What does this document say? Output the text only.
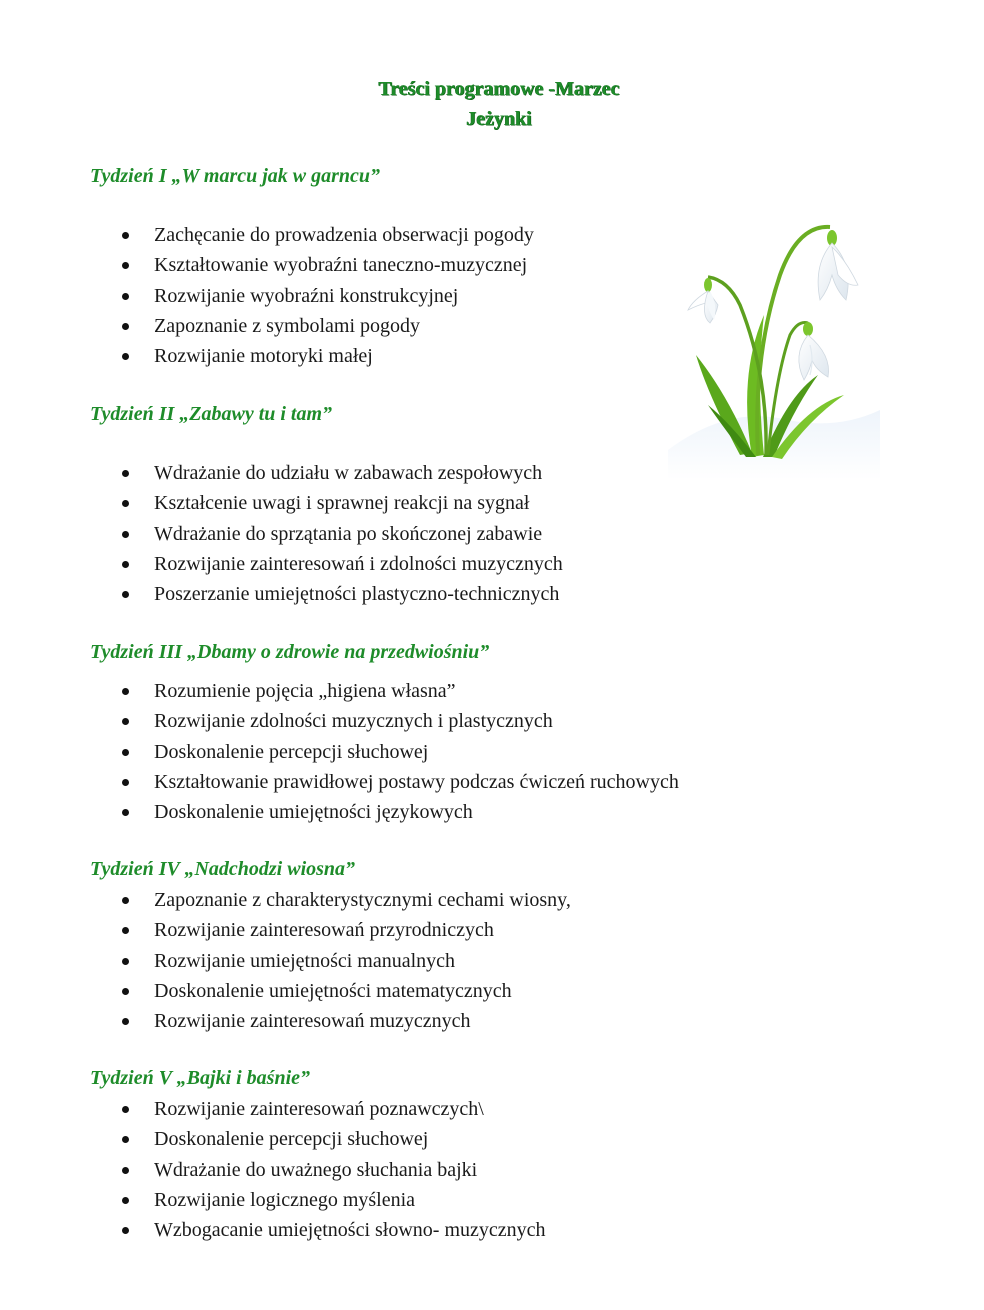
Treści programowe -Marzec
Jeżynki
Tydzień I „W marcu jak w garncu”
Zachęcanie do prowadzenia obserwacji pogody
Kształtowanie wyobraźni taneczno-muzycznej
Rozwijanie wyobraźni konstrukcyjnej
Zapoznanie z symbolami pogody
Rozwijanie motoryki małej
Tydzień II „Zabawy tu i tam”
Wdrażanie do udziału w zabawach zespołowych
Kształcenie uwagi i sprawnej reakcji na sygnał
Wdrażanie do sprzątania po skończonej zabawie
Rozwijanie zainteresowań i zdolności muzycznych
Poszerzanie umiejętności plastyczno-technicznych
Tydzień III „Dbamy o zdrowie na przedwiośniu”
Rozumienie pojęcia „higiena własna”
Rozwijanie zdolności muzycznych i plastycznych
Doskonalenie percepcji słuchowej
Kształtowanie prawidłowej postawy podczas ćwiczeń ruchowych
Doskonalenie umiejętności językowych
Tydzień IV „Nadchodzi wiosna”
Zapoznanie z charakterystycznymi cechami wiosny,
Rozwijanie zainteresowań przyrodniczych
Rozwijanie umiejętności manualnych
Doskonalenie umiejętności matematycznych
Rozwijanie zainteresowań muzycznych
Tydzień V „Bajki i baśnie”
Rozwijanie zainteresowań poznawczych\
Doskonalenie percepcji słuchowej
Wdrażanie do uważnego słuchania bajki
Rozwijanie logicznego myślenia
Wzbogacanie umiejętności słowno- muzycznych
